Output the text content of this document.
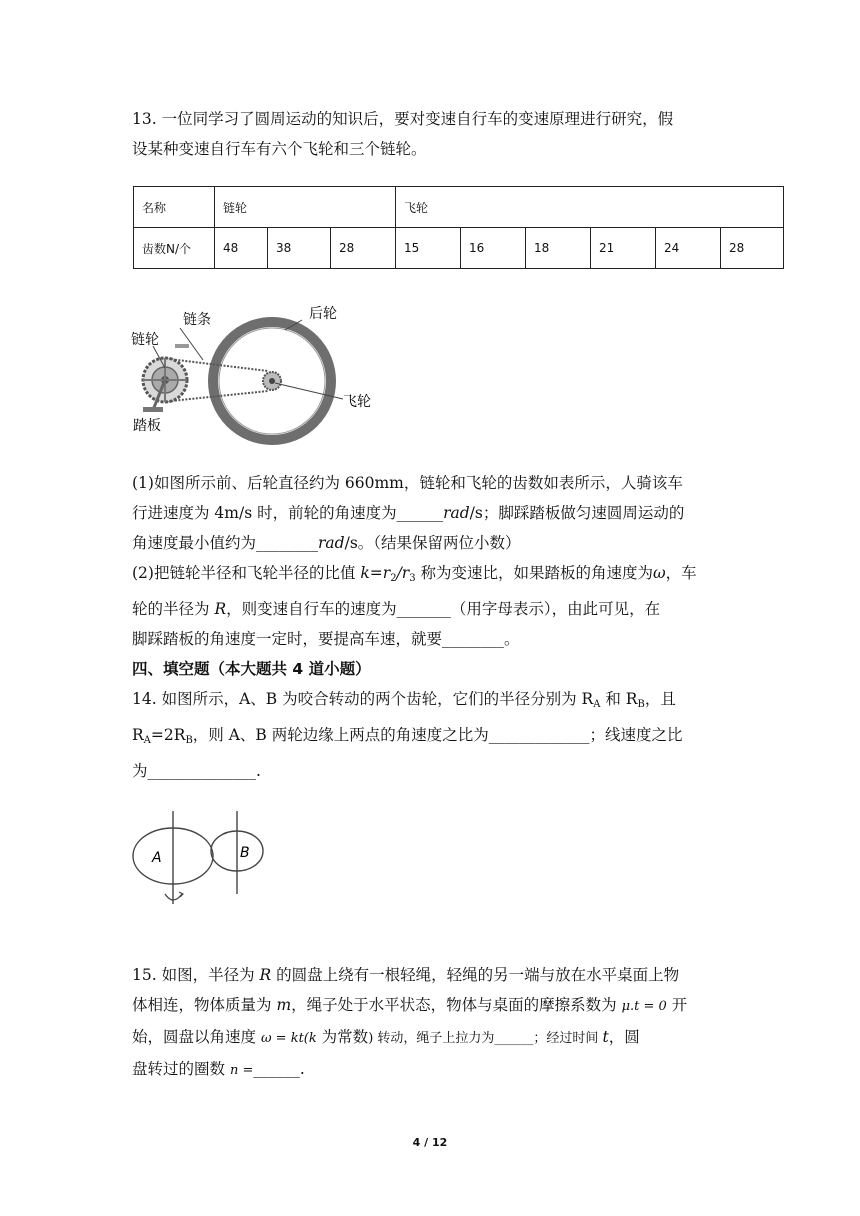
13. 一位同学习了圆周运动的知识后，要对变速自行车的变速原理进行研究，假
设某种变速自行车有六个飞轮和三个链轮。
名称	链轮			飞轮					
齿数N/个	48	38	28	15	16	18	21	24	28
链轮
链条	后轮
飞轮
踏板
(1)如图所示前、后轮直径约为 660mm，链轮和飞轮的齿数如表所示，人骑该车
行进速度为 4m/s 时，前轮的角速度为______rad/s；脚踩踏板做匀速圆周运动的
角速度最小值约为________rad/s。（结果保留两位小数）
(2)把链轮半径和飞轮半径的比值 $k=r_2/r_3$ 称为变速比，如果踏板的角速度为ω，车
轮的半径为 R，则变速自行车的速度为_______（用字母表示），由此可见，在
脚踩踏板的角速度一定时，要提高车速，就要________。
四、填空题（本大题共 4 道小题）
14. 如图所示，A、B 为咬合转动的两个齿轮，它们的半径分别为 $R_A$ 和 $R_B$，且
$R_A=2R_B$，则 A、B 两轮边缘上两点的角速度之比为_____________；线速度之比
为______________.
A	B
15. 如图，半径为 R 的圆盘上绕有一根轻绳，轻绳的另一端与放在水平桌面上物
体相连，物体质量为 m，绳子处于水平状态，物体与桌面的摩擦系数为 μ.t = 0 开
始，圆盘以角速度 ω = kt(k 为常数) 转动，绳子上拉力为______；经过时间 t，圆
盘转过的圈数 n =______.
4 / 12
